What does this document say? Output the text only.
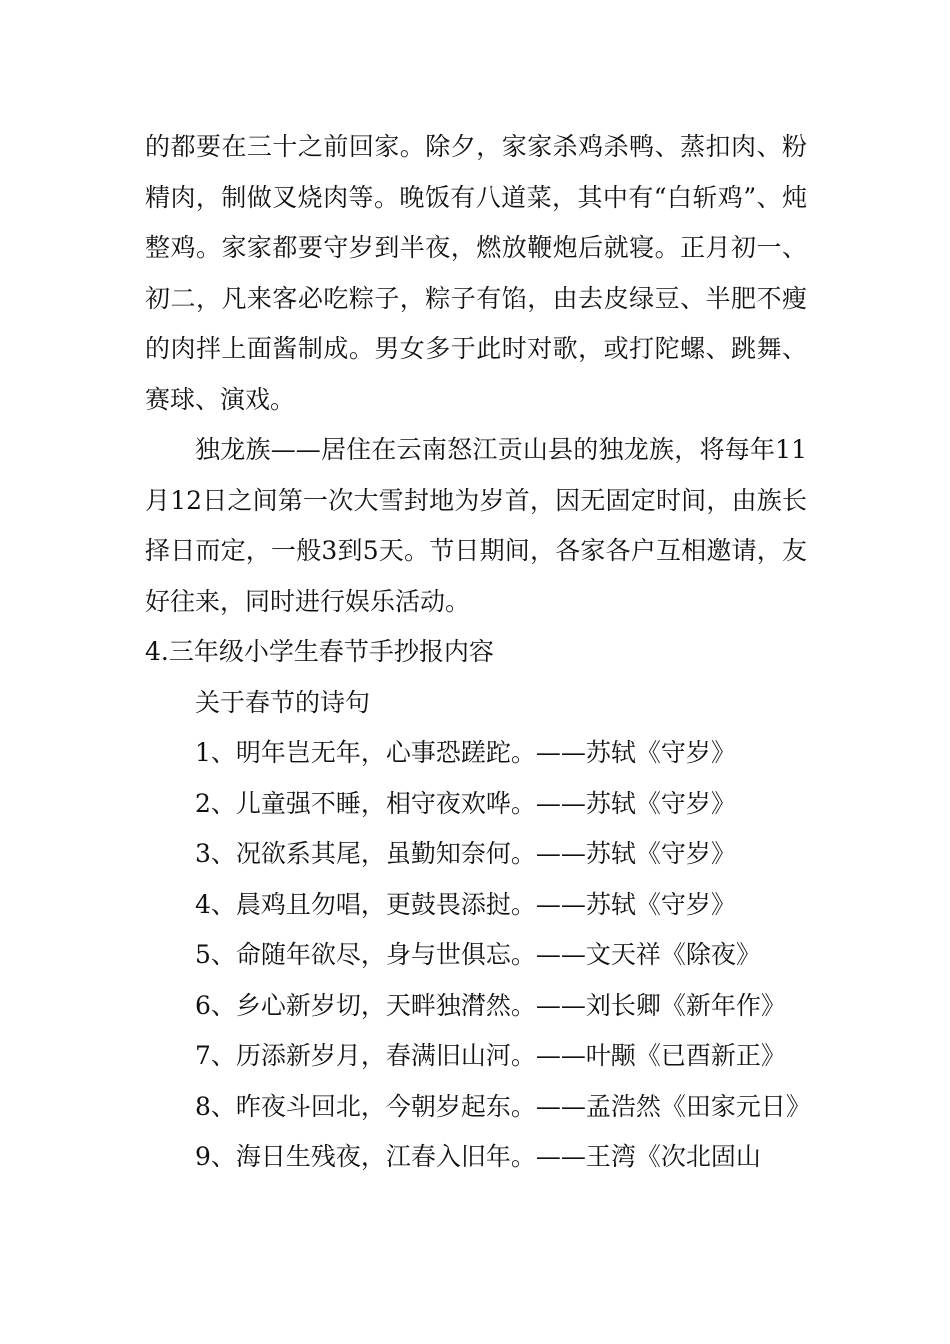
的都要在三十之前回家。除夕，家家杀鸡杀鸭、蒸扣肉、粉精肉，制做叉烧肉等。晚饭有八道菜，其中有“白斩鸡”、炖整鸡。家家都要守岁到半夜，燃放鞭炮后就寝。正月初一、初二，凡来客必吃粽子，粽子有馅，由去皮绿豆、半肥不瘦的肉拌上面酱制成。男女多于此时对歌，或打陀螺、跳舞、赛球、演戏。

独龙族——居住在云南怒江贡山县的独龙族，将每年11月12日之间第一次大雪封地为岁首，因无固定时间，由族长择日而定，一般3到5天。节日期间，各家各户互相邀请，友好往来，同时进行娱乐活动。

4.三年级小学生春节手抄报内容

关于春节的诗句

1、明年岂无年，心事恐蹉跎。——苏轼《守岁》

2、儿童强不睡，相守夜欢哗。——苏轼《守岁》

3、况欲系其尾，虽勤知奈何。——苏轼《守岁》

4、晨鸡且勿唱，更鼓畏添挝。——苏轼《守岁》

5、命随年欲尽，身与世俱忘。——文天祥《除夜》

6、乡心新岁切，天畔独潸然。——刘长卿《新年作》

7、历添新岁月，春满旧山河。——叶颙《已酉新正》

8、昨夜斗回北，今朝岁起东。——孟浩然《田家元日》

9、海日生残夜，江春入旧年。——王湾《次北固山
